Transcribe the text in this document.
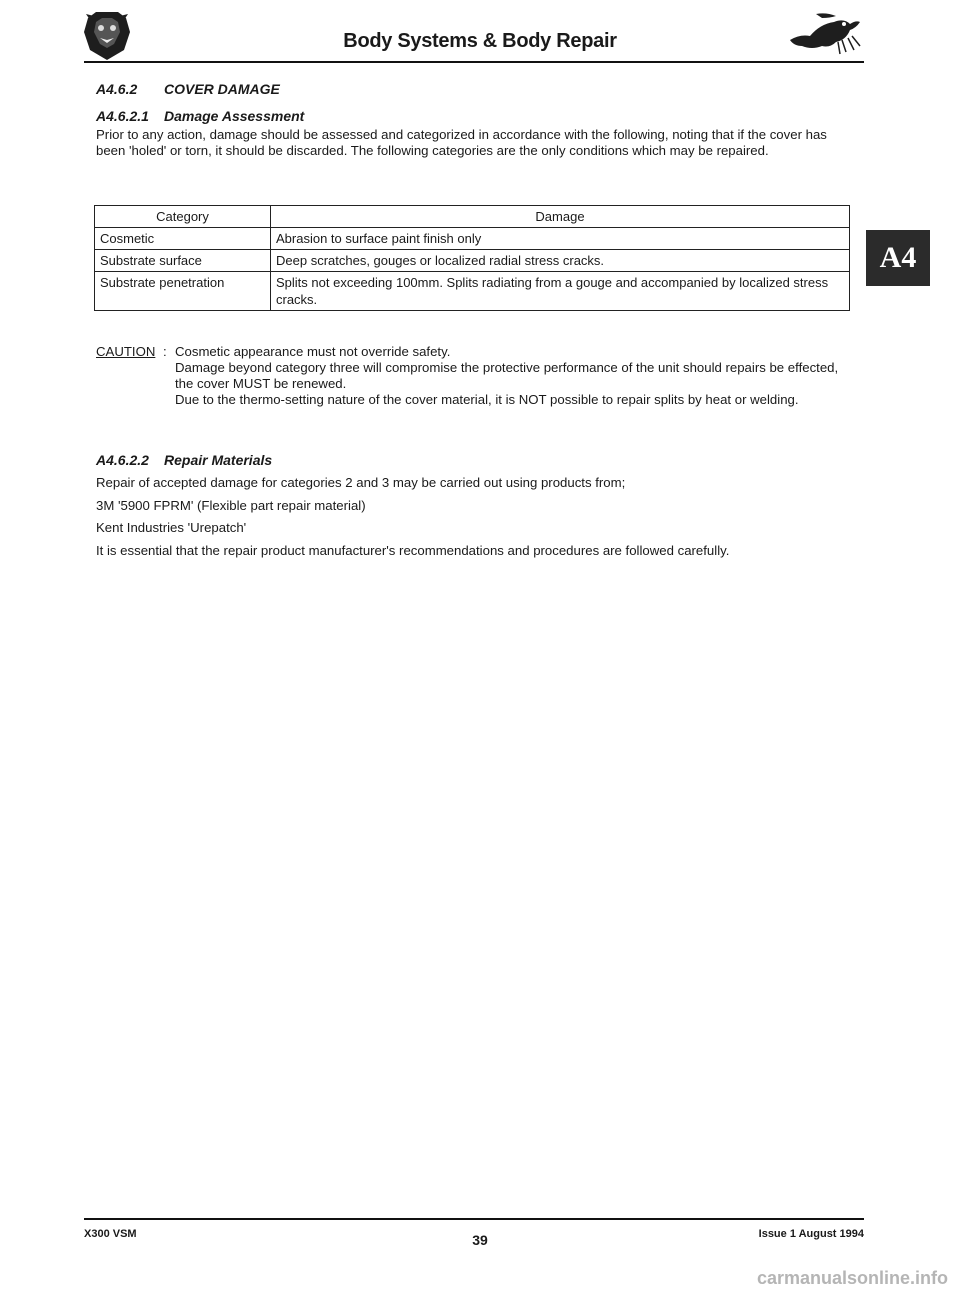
Body Systems & Body Repair
A4.6.2 COVER DAMAGE
A4.6.2.1 Damage Assessment
Prior to any action, damage should be assessed and categorized in accordance with the following, noting that if the cover has been 'holed' or torn, it should be discarded. The following categories are the only conditions which may be repaired.
Category	Damage
Cosmetic	Abrasion to surface paint finish only
Substrate surface	Deep scratches, gouges or localized radial stress cracks.
Substrate penetration	Splits not exceeding 100mm. Splits radiating from a gouge and accompanied by localized stress cracks.
A4
CAUTION : Cosmetic appearance must not override safety.
Damage beyond category three will compromise the protective performance of the unit should repairs be effected, the cover MUST be renewed.
Due to the thermo-setting nature of the cover material, it is NOT possible to repair splits by heat or welding.
A4.6.2.2 Repair Materials
Repair of accepted damage for categories 2 and 3 may be carried out using products from;
3M '5900 FPRM' (Flexible part repair material)
Kent Industries 'Urepatch'
It is essential that the repair product manufacturer's recommendations and procedures are followed carefully.
X300 VSM	39	Issue 1 August 1994
carmanualsonline.info
